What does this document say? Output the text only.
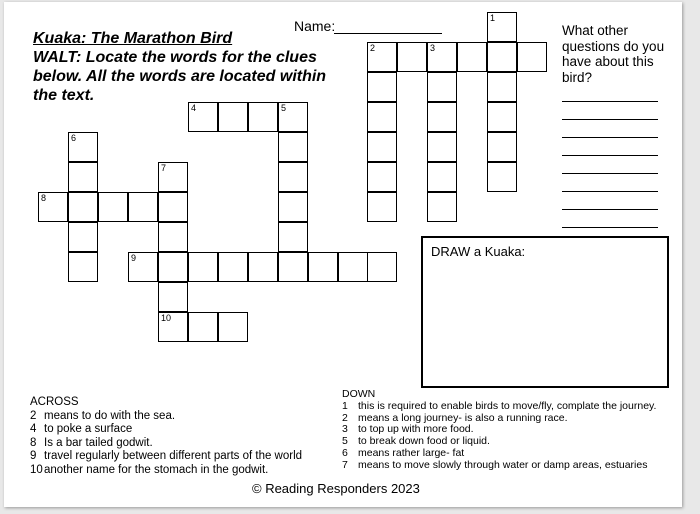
Kuaka: The Marathon Bird
WALT: Locate the words for the clues below. All the words are located within the text.
Name:	1
2	3
4	5
6
7
8
9
10
What other questions do you have about this bird?
DRAW a Kuaka:
ACROSS
2 means to do with the sea.
4 to poke a surface
8 Is a bar tailed godwit.
9 travel regularly between different parts of the world
10another name for the stomach in the godwit.
DOWN
1 this is required to enable birds to move/fly, complate the journey.
2 means a long journey- is also a running race.
3 to top up with more food.
5 to break down food or liquid.
6 means rather large- fat
7 means to move slowly through water or damp areas, estuaries
© Reading Responders 2023
